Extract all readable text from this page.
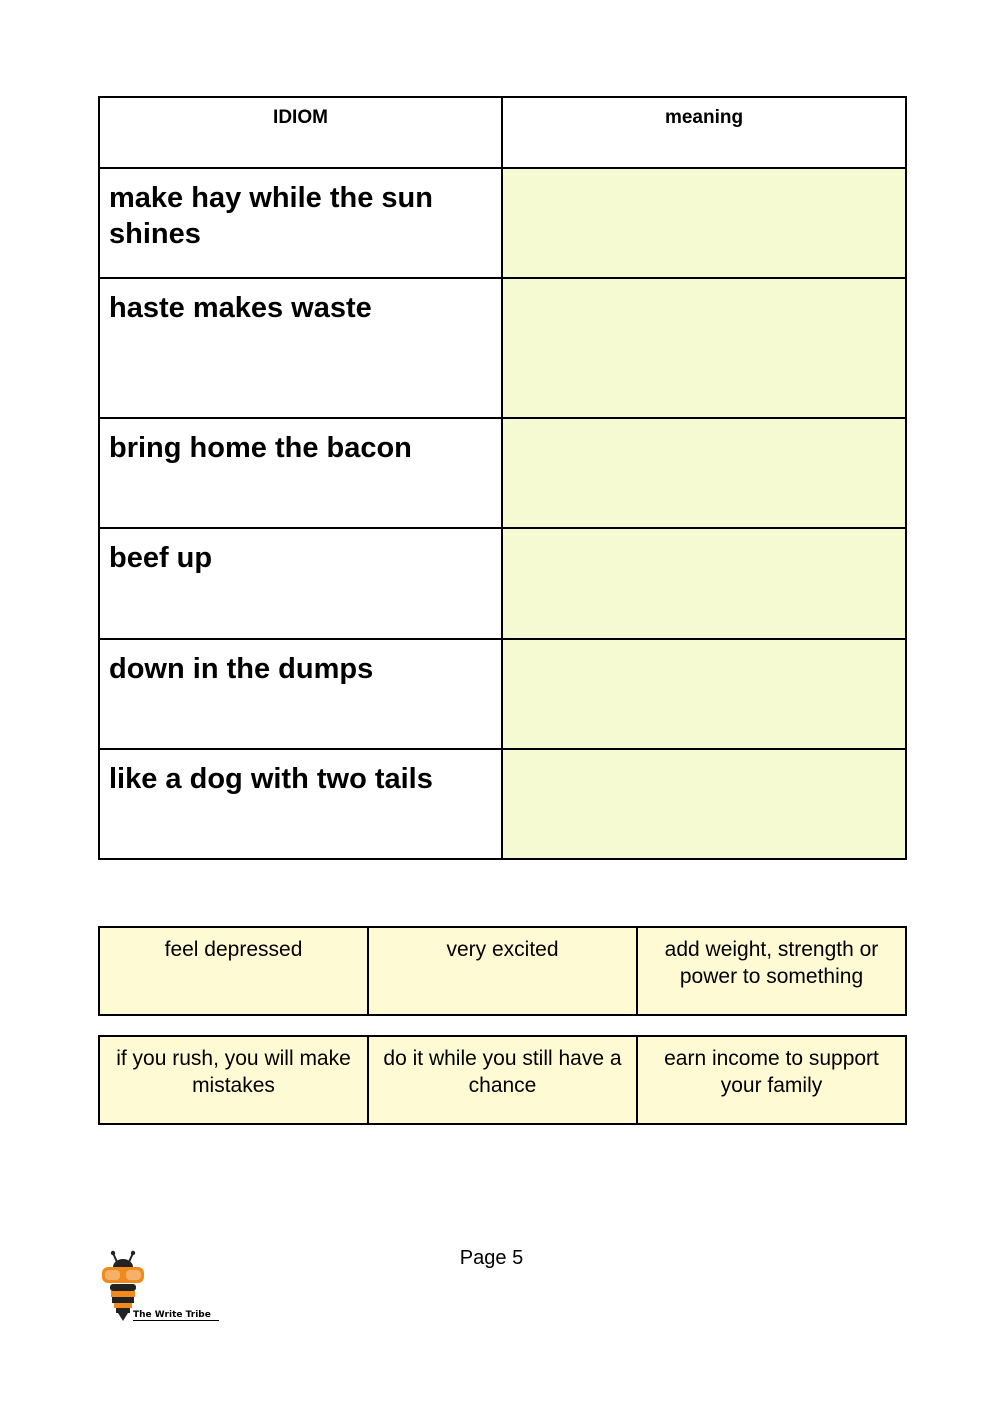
IDIOM	meaning
make hay while the sun shines	
haste makes waste	
bring home the bacon	
beef up	
down in the dumps	
like a dog with two tails	
feel depressed	very excited	add weight, strength or power to something
if you rush, you will make mistakes	do it while you still have a chance	earn income to support your family
Page 5
The Write Tribe
